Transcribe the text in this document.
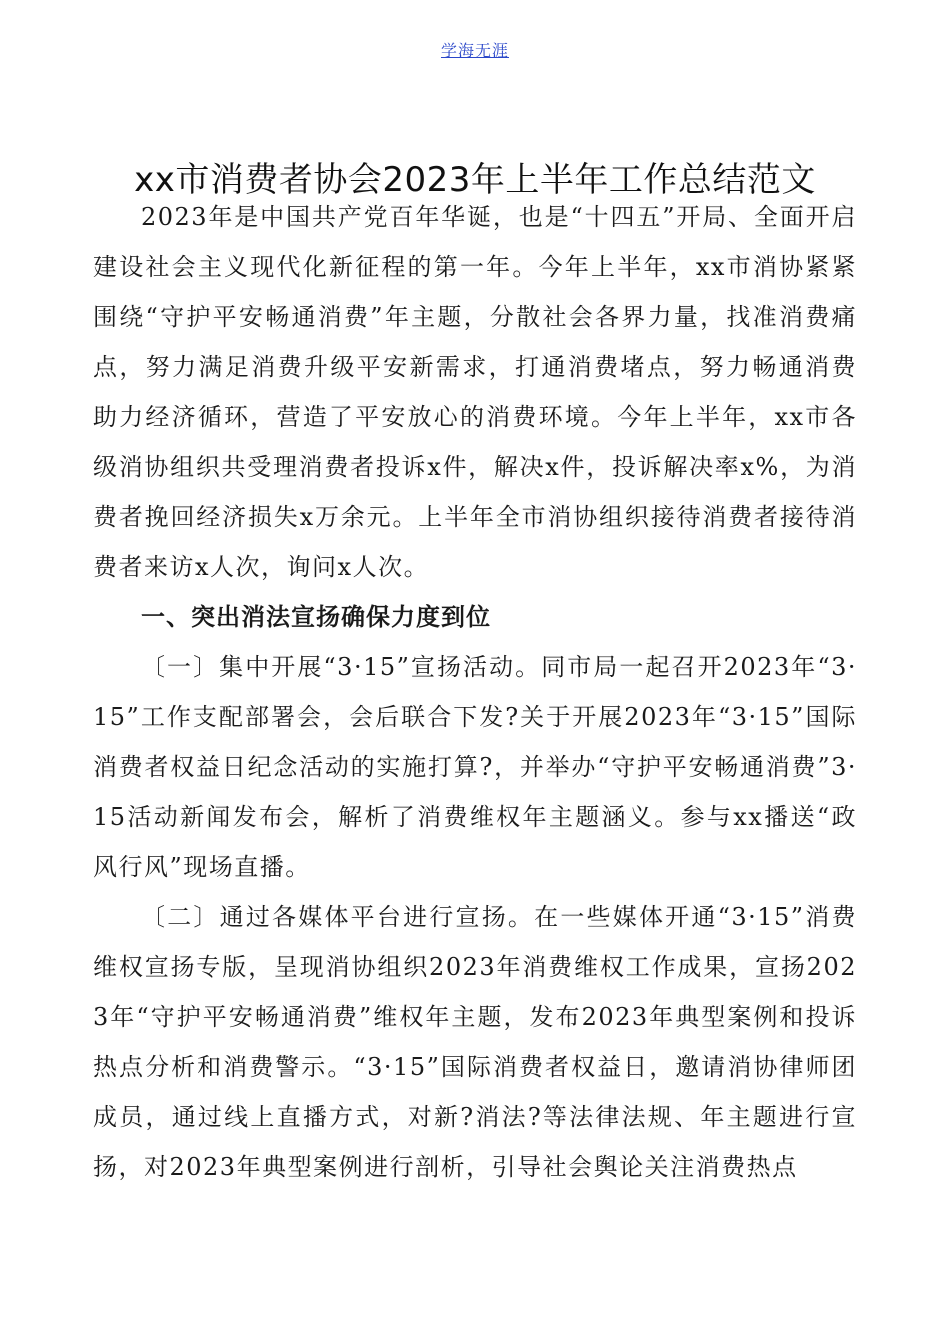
学海无涯
xx市消费者协会2023年上半年工作总结范文

2023年是中国共产党百年华诞，也是“十四五”开局、全面开启建设社会主义现代化新征程的第一年。今年上半年，xx市消协紧紧围绕“守护平安畅通消费”年主题，分散社会各界力量，找准消费痛点，努力满足消费升级平安新需求，打通消费堵点，努力畅通消费助力经济循环，营造了平安放心的消费环境。今年上半年，xx市各级消协组织共受理消费者投诉x件，解决x件，投诉解决率x%，为消费者挽回经济损失x万余元。上半年全市消协组织接待消费者接待消费者来访x人次，询问x人次。

一、突出消法宣扬确保力度到位

〔一〕集中开展“3·15”宣扬活动。同市局一起召开2023年“3·15”工作支配部署会，会后联合下发?关于开展2023年“3·15”国际消费者权益日纪念活动的实施打算?，并举办“守护平安畅通消费”3·15活动新闻发布会，解析了消费维权年主题涵义。参与xx播送“政风行风”现场直播。

〔二〕通过各媒体平台进行宣扬。在一些媒体开通“3·15”消费维权宣扬专版，呈现消协组织2023年消费维权工作成果，宣扬2023年“守护平安畅通消费”维权年主题，发布2023年典型案例和投诉热点分析和消费警示。“3·15”国际消费者权益日，邀请消协律师团成员，通过线上直播方式，对新?消法?等法律法规、年主题进行宣扬，对2023年典型案例进行剖析，引导社会舆论关注消费热点
